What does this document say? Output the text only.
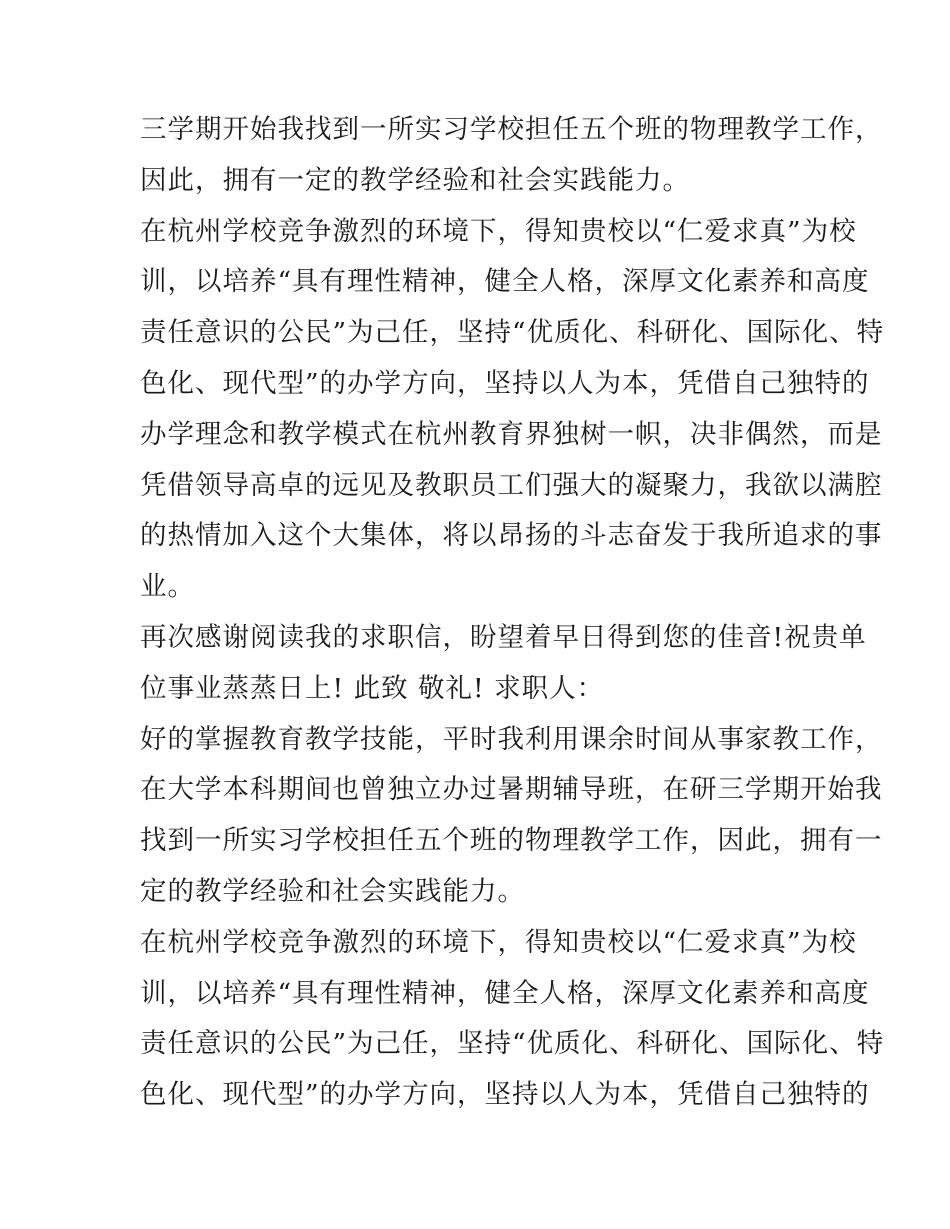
三学期开始我找到一所实习学校担任五个班的物理教学工作，
因此，拥有一定的教学经验和社会实践能力。
在杭州学校竞争激烈的环境下，得知贵校以“仁爱求真”为校
训，以培养“具有理性精神，健全人格，深厚文化素养和高度
责任意识的公民”为己任，坚持“优质化、科研化、国际化、特
色化、现代型”的办学方向，坚持以人为本，凭借自己独特的
办学理念和教学模式在杭州教育界独树一帜，决非偶然，而是
凭借领导高卓的远见及教职员工们强大的凝聚力，我欲以满腔
的热情加入这个大集体，将以昂扬的斗志奋发于我所追求的事
业。
再次感谢阅读我的求职信，盼望着早日得到您的佳音!祝贵单
位事业蒸蒸日上! 此致 敬礼! 求职人：
好的掌握教育教学技能，平时我利用课余时间从事家教工作，
在大学本科期间也曾独立办过暑期辅导班，在研三学期开始我
找到一所实习学校担任五个班的物理教学工作，因此，拥有一
定的教学经验和社会实践能力。
在杭州学校竞争激烈的环境下，得知贵校以“仁爱求真”为校
训，以培养“具有理性精神，健全人格，深厚文化素养和高度
责任意识的公民”为己任，坚持“优质化、科研化、国际化、特
色化、现代型”的办学方向，坚持以人为本，凭借自己独特的
